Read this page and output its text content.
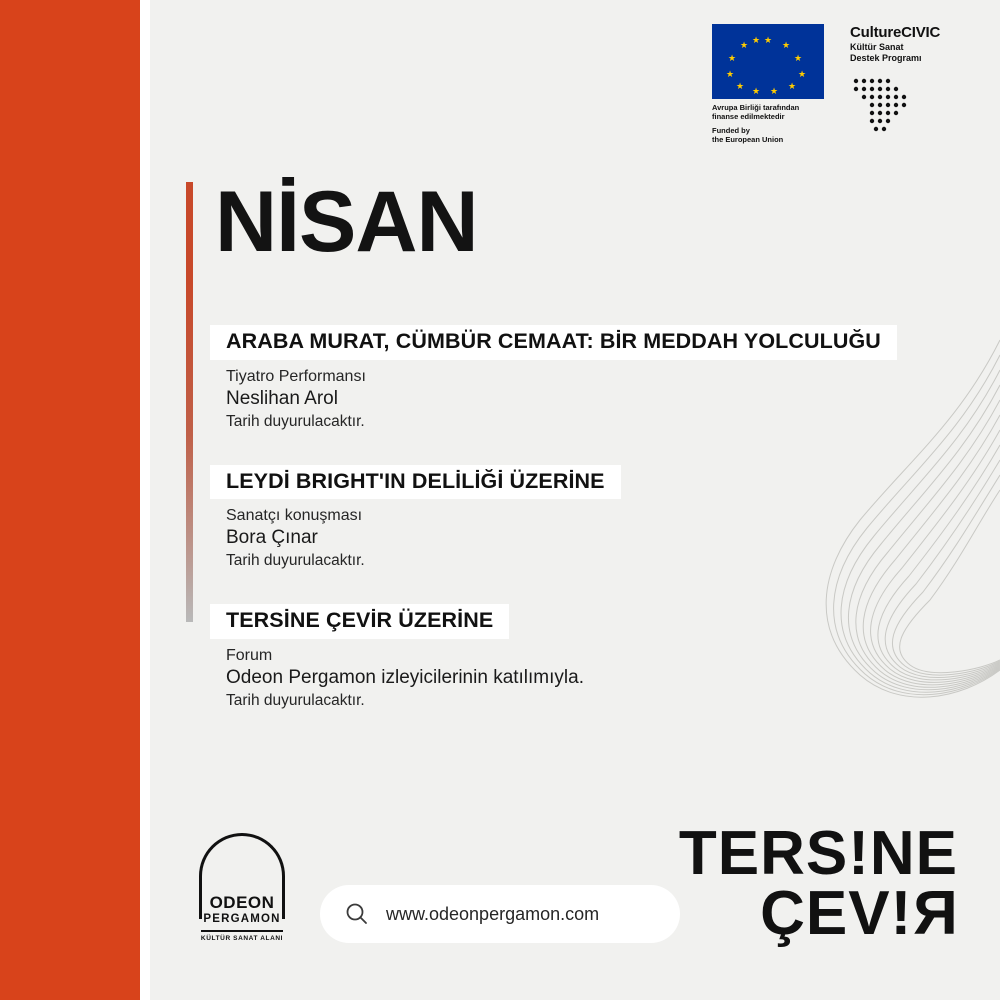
★ ★
★
★
★
★
★
★
★
★
★ ★
Avrupa Birliği tarafından
finanse edilmektedir
Funded by
the European Union
CultureCIVIC
Kültür Sanat
Destek Programı
NİSAN
ARABA MURAT, CÜMBÜR CEMAAT: BİR MEDDAH YOLCULUĞU
Tiyatro Performansı
Neslihan Arol
Tarih duyurulacaktır.
LEYDİ BRIGHT'IN DELİLİĞİ ÜZERİNE
Sanatçı konuşması
Bora Çınar
Tarih duyurulacaktır.
TERSİNE ÇEVİR ÜZERİNE
Forum
Odeon Pergamon izleyicilerinin katılımıyla.
Tarih duyurulacaktır.
TERS!NE
ÇEV!R
ODEON
PERGAMON
KÜLTÜR SANAT ALANI
www.odeonpergamon.com
